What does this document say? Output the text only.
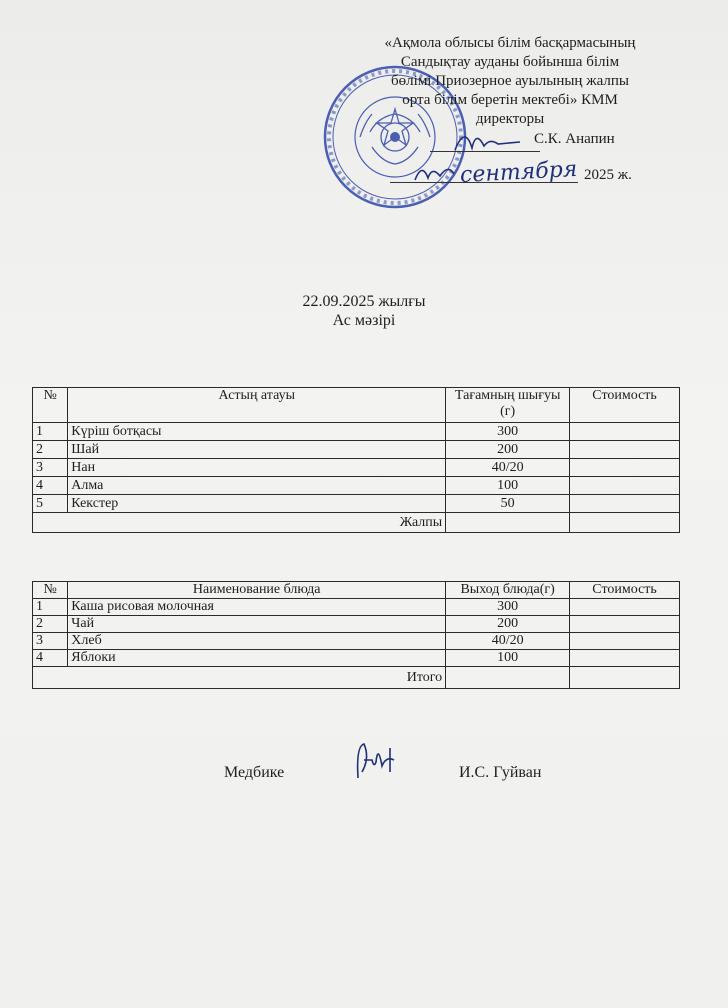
«Ақмола облысы білім басқармасының
Сандықтау ауданы бойынша білім
бөлімі Приозерное ауылының жалпы
орта білім беретін мектебі» КММ
директоры
С.К. Анапин
сентября 2025 ж.
22.09.2025 жылғы
Ас мәзірі
№	Астың атауы	Тағамның шығуы (г)	Стоимость
1	Күріш ботқасы	300	
2	Шай	200	
3	Нан	40/20	
4	Алма	100	
5	Кекстер	50	
Жалпы			
№	Наименование блюда	Выход блюда(г)	Стоимость
1	Каша рисовая молочная	300	
2	Чай	200	
3	Хлеб	40/20	
4	Яблоки	100	
Итого			
Медбике	И.С. Гуйван
